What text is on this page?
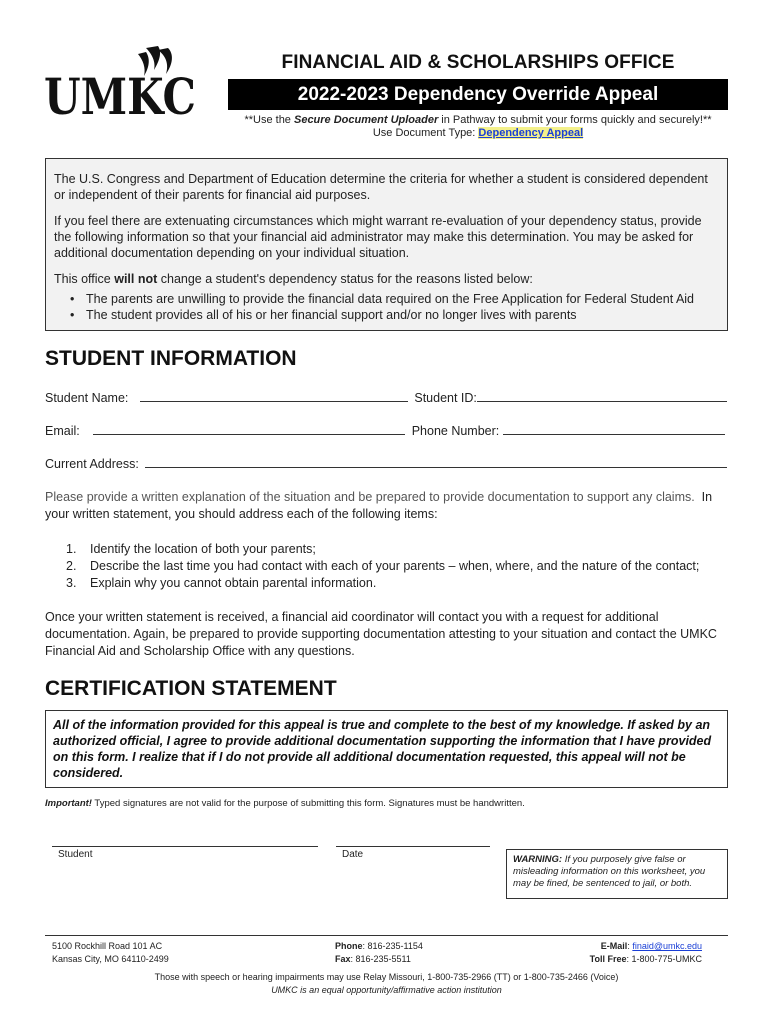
UMKC
FINANCIAL AID & SCHOLARSHIPS OFFICE
2022-2023 Dependency Override Appeal
**Use the Secure Document Uploader in Pathway to submit your forms quickly and securely!**
Use Document Type: Dependency Appeal

The U.S. Congress and Department of Education determine the criteria for whether a student is considered dependent or independent of their parents for financial aid purposes.

If you feel there are extenuating circumstances which might warrant re-evaluation of your dependency status, provide the following information so that your financial aid administrator may make this determination. You may be asked for additional documentation depending on your individual situation.

This office will not change a student's dependency status for the reasons listed below:

• The parents are unwilling to provide the financial data required on the Free Application for Federal Student Aid
• The student provides all of his or her financial support and/or no longer lives with parents
STUDENT INFORMATION
Student Name:	Student ID:
Email:	Phone Number:
Current Address:
Please provide a written explanation of the situation and be prepared to provide documentation to support any claims. In your written statement, you should address each of the following items:
1.	Identify the location of both your parents;
2.	Describe the last time you had contact with each of your parents – when, where, and the nature of the contact;
3.	Explain why you cannot obtain parental information.
Once your written statement is received, a financial aid coordinator will contact you with a request for additional documentation. Again, be prepared to provide supporting documentation attesting to your situation and contact the UMKC Financial Aid and Scholarship Office with any questions.
CERTIFICATION STATEMENT
All of the information provided for this appeal is true and complete to the best of my knowledge. If asked by an authorized official, I agree to provide additional documentation supporting the information that I have provided on this form. I realize that if I do not provide all additional documentation requested, this appeal will not be considered.
Important! Typed signatures are not valid for the purpose of submitting this form. Signatures must be handwritten.
Student	Date	WARNING: If you purposely give false or misleading information on this worksheet, you may be fined, be sentenced to jail, or both.
5100 Rockhill Road 101 AC
Kansas City, MO 64110-2499
Phone: 816-235-1154
Fax: 816-235-5511
E-Mail: finaid@umkc.edu
Toll Free: 1-800-775-UMKC
Those with speech or hearing impairments may use Relay Missouri, 1-800-735-2966 (TT) or 1-800-735-2466 (Voice)
UMKC is an equal opportunity/affirmative action institution
